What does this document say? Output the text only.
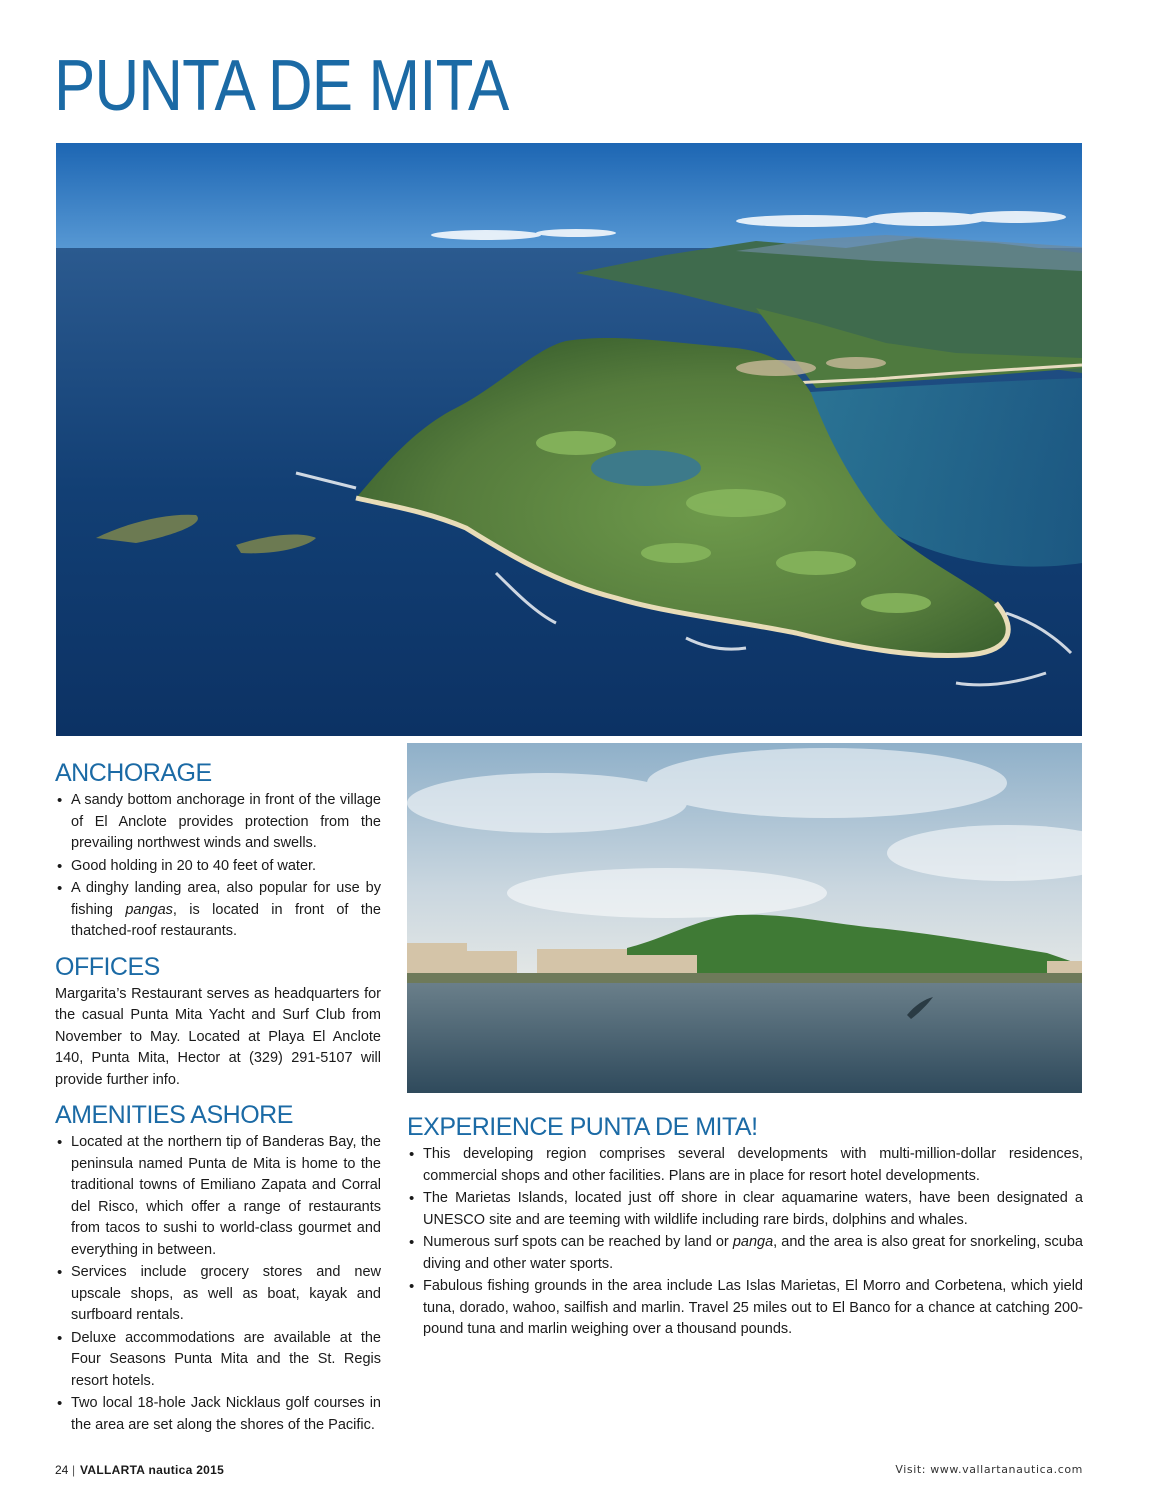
PUNTA DE MITA
ANCHORAGE
• A sandy bottom anchorage in front of the village of El Anclote provides protection from the prevailing northwest winds and swells.
• Good holding in 20 to 40 feet of water.
• A dinghy landing area, also popular for use by fishing pangas, is located in front of the thatched-roof restaurants.
OFFICES

Margarita’s Restaurant serves as headquarters for the casual Punta Mita Yacht and Surf Club from November to May. Located at Playa El Anclote 140, Punta Mita, Hector at (329) 291-5107 will provide further info.

AMENITIES ASHORE
• Located at the northern tip of Banderas Bay, the peninsula named Punta de Mita is home to the traditional towns of Emiliano Zapata and Corral del Risco, which offer a range of restaurants from tacos to sushi to world-class gourmet and everything in between.
• Services include grocery stores and new upscale shops, as well as boat, kayak and surfboard rentals.
• Deluxe accommodations are available at the Four Seasons Punta Mita and the St. Regis resort hotels.
• Two local 18-hole Jack Nicklaus golf courses in the area are set along the shores of the Pacific.
EXPERIENCE PUNTA DE MITA!
• This developing region comprises several developments with multi-million-dollar residences, commercial shops and other facilities. Plans are in place for resort hotel developments.
• The Marietas Islands, located just off shore in clear aquamarine waters, have been designated a UNESCO site and are teeming with wildlife including rare birds, dolphins and whales.
• Numerous surf spots can be reached by land or panga, and the area is also great for snorkeling, scuba diving and other water sports.
• Fabulous fishing grounds in the area include Las Islas Marietas, El Morro and Corbetena, which yield tuna, dorado, wahoo, sailfish and marlin. Travel 25 miles out to El Banco for a chance at catching 200-pound tuna and marlin weighing over a thousand pounds.
24 | VALLARTA nautica 2015	Visit: www.vallartanautica.com
